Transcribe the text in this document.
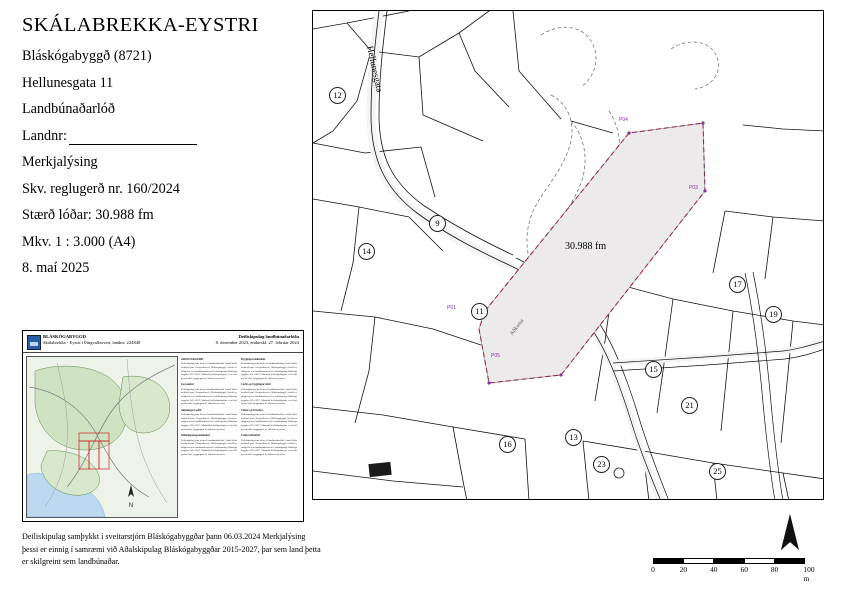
SKÁLABREKKA-EYSTRI
Bláskógabyggð (8721)
Hellunesgata 11
Landbúnaðarlóð
Landnr:
Merkjalýsing
Skv. reglugerð nr. 160/2024
Stærð lóðar: 30.988 fm
Mkv. 1 : 3.000 (A4)
8. maí 2025
BLÁSKÓGABYGGÐ
Skálabrekka - Eystri í Þingvallasveit, landnr: 224848
Deiliskipulag landbúnaðarlóða
8. desember 2023, endurskl. 27. febrúar 2024
N
GREINARGERÐ
Deiliskipulag þetta tekur til landbúnaðarlóða í landi Skálabrekku-Eystri í Þingvallasveit, Bláskógabyggð. Svæðið er skilgreint sem landbúnaðarsvæði í aðalskipulagi Bláskógabyggðar 2015-2027. Markmið deiliskipulagsins er að skilgreina lóðir, byggingarreiti, aðkomu og veitur.
Forsendur
Deiliskipulag þetta tekur til landbúnaðarlóða í landi Skálabrekku-Eystri í Þingvallasveit, Bláskógabyggð. Svæðið er skilgreint sem landbúnaðarsvæði í aðalskipulagi Bláskógabyggðar 2015-2027. Markmið deiliskipulagsins er að skilgreina lóðir, byggingarreiti, aðkomu og veitur.
Skipulagssvæðið
Deiliskipulag þetta tekur til landbúnaðarlóða í landi Skálabrekku-Eystri í Þingvallasveit, Bláskógabyggð. Svæðið er skilgreint sem landbúnaðarsvæði í aðalskipulagi Bláskógabyggðar 2015-2027. Markmið deiliskipulagsins er að skilgreina lóðir, byggingarreiti, aðkomu og veitur.
Deiliskipulagsskilmálar
Deiliskipulag þetta tekur til landbúnaðarlóða í landi Skálabrekku-Eystri í Þingvallasveit, Bláskógabyggð. Svæðið er skilgreint sem landbúnaðarsvæði í aðalskipulagi Bláskógabyggðar 2015-2027. Markmið deiliskipulagsins er að skilgreina lóðir, byggingarreiti, aðkomu og veitur.
Byggingarskilmálar
Deiliskipulag þetta tekur til landbúnaðarlóða í landi Skálabrekku-Eystri í Þingvallasveit, Bláskógabyggð. Svæðið er skilgreint sem landbúnaðarsvæði í aðalskipulagi Bláskógabyggðar 2015-2027. Markmið deiliskipulagsins er að skilgreina lóðir, byggingarreiti, aðkomu og veitur.
Lóðir og byggingarreitir
Deiliskipulag þetta tekur til landbúnaðarlóða í landi Skálabrekku-Eystri í Þingvallasveit, Bláskógabyggð. Svæðið er skilgreint sem landbúnaðarsvæði í aðalskipulagi Bláskógabyggðar 2015-2027. Markmið deiliskipulagsins er að skilgreina lóðir, byggingarreiti, aðkomu og veitur.
Veitur og fráveita
Deiliskipulag þetta tekur til landbúnaðarlóða í landi Skálabrekku-Eystri í Þingvallasveit, Bláskógabyggð. Svæðið er skilgreint sem landbúnaðarsvæði í aðalskipulagi Bláskógabyggðar 2015-2027. Markmið deiliskipulagsins er að skilgreina lóðir, byggingarreiti, aðkomu og veitur.
Umhverfisáhrif
Deiliskipulag þetta tekur til landbúnaðarlóða í landi Skálabrekku-Eystri í Þingvallasveit, Bláskógabyggð. Svæðið er skilgreint sem landbúnaðarsvæði í aðalskipulagi Bláskógabyggðar 2015-2027. Markmið deiliskipulagsins er að skilgreina lóðir, byggingarreiti, aðkomu og veitur.
Deiliskipulag samþykkt í sveitarstjórn Bláskógabyggðar þann 06.03.2024 Merkjalýsing þessi er einnig í samræmi við Aðalskipulag Bláskógabyggðar 2015-2027, þar sem land þetta er skilgreint sem landbúnaðar.
Hellunesgata
30.988 fm
Aðkoma
P04
P03
P01
P05
12
9
14
11
17
19
15
21
16
13
23
25
0	20	40	60	80	100 m
